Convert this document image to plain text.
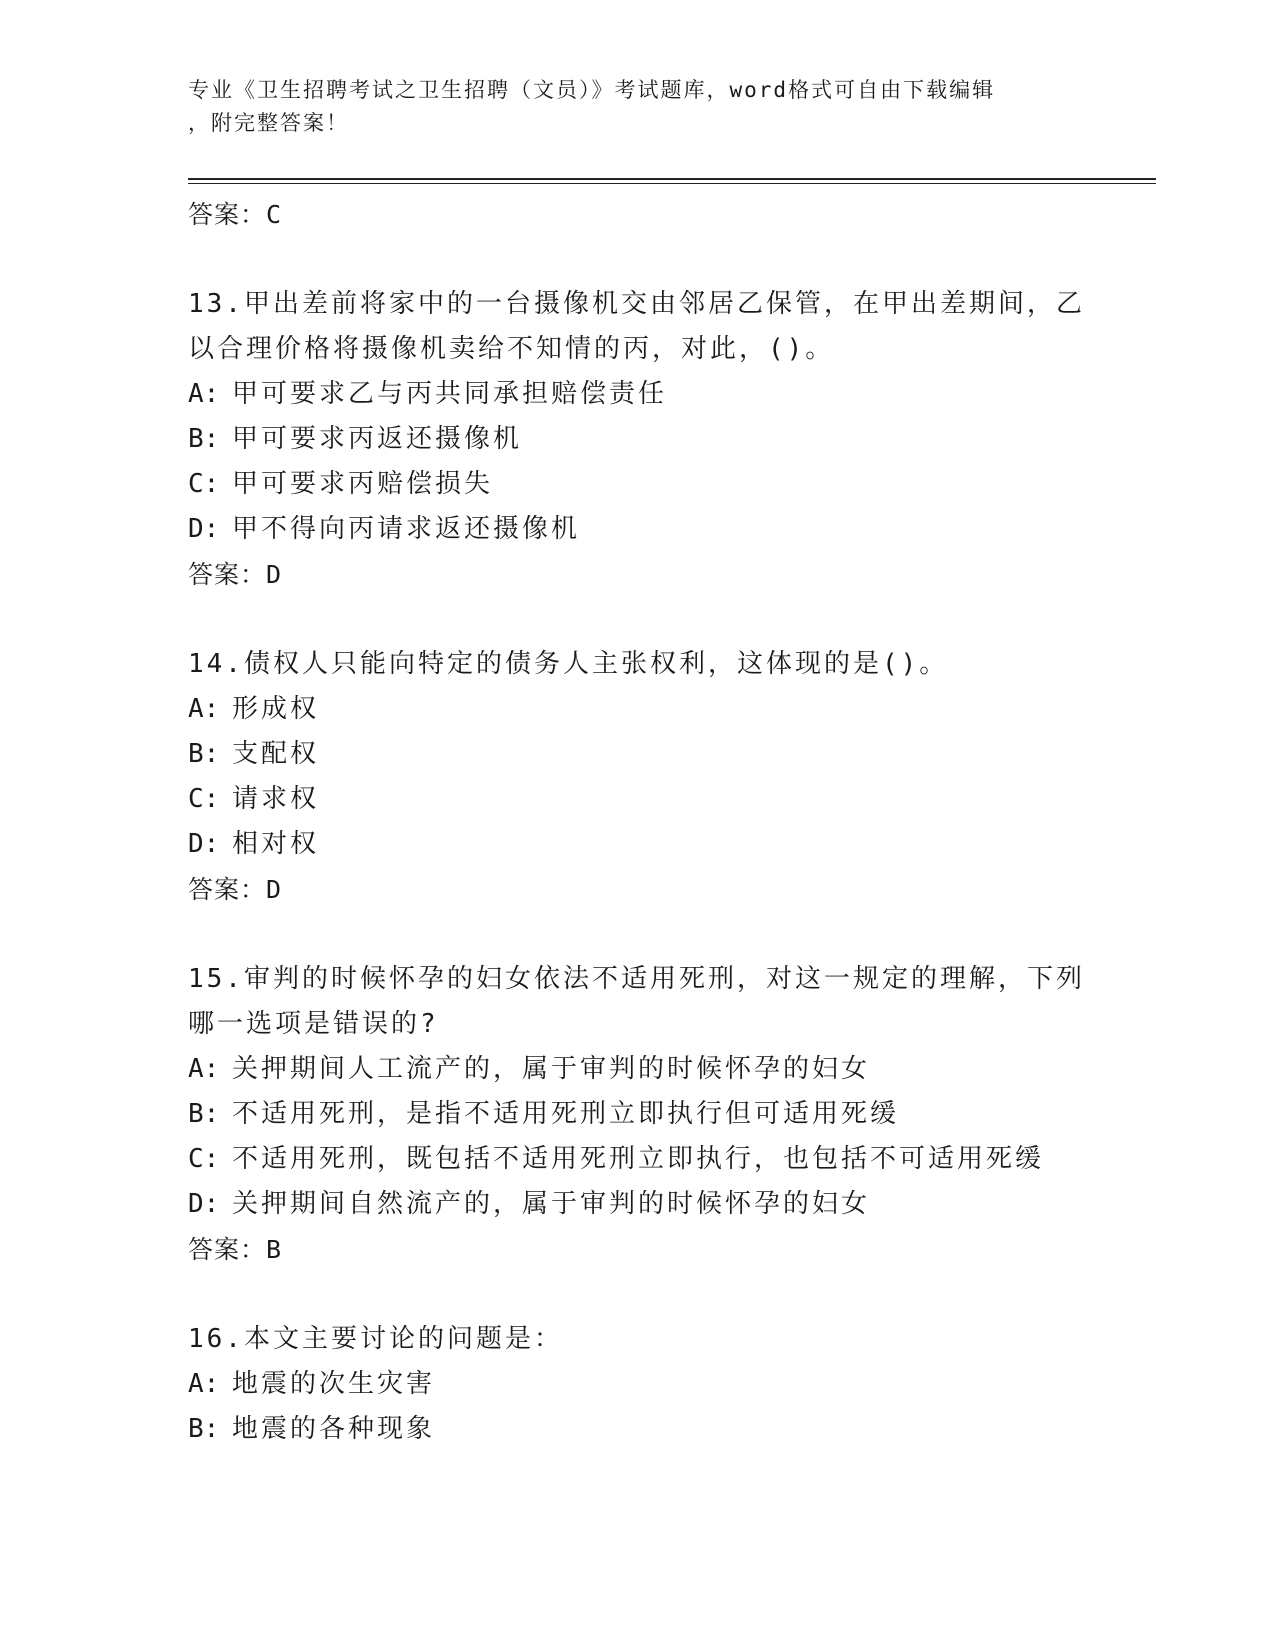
专业《卫生招聘考试之卫生招聘（文员）》考试题库，word格式可自由下载编辑
，附完整答案！
答案：C
13.甲出差前将家中的一台摄像机交由邻居乙保管，在甲出差期间，乙
以合理价格将摄像机卖给不知情的丙，对此，()。
A: 甲可要求乙与丙共同承担赔偿责任
B: 甲可要求丙返还摄像机
C: 甲可要求丙赔偿损失
D: 甲不得向丙请求返还摄像机
答案：D
14.债权人只能向特定的债务人主张权利，这体现的是()。
A: 形成权
B: 支配权
C: 请求权
D: 相对权
答案：D
15.审判的时候怀孕的妇女依法不适用死刑，对这一规定的理解，下列
哪一选项是错误的?
A: 关押期间人工流产的，属于审判的时候怀孕的妇女
B: 不适用死刑，是指不适用死刑立即执行但可适用死缓
C: 不适用死刑，既包括不适用死刑立即执行，也包括不可适用死缓
D: 关押期间自然流产的，属于审判的时候怀孕的妇女
答案：B
16.本文主要讨论的问题是：
A: 地震的次生灾害
B: 地震的各种现象
